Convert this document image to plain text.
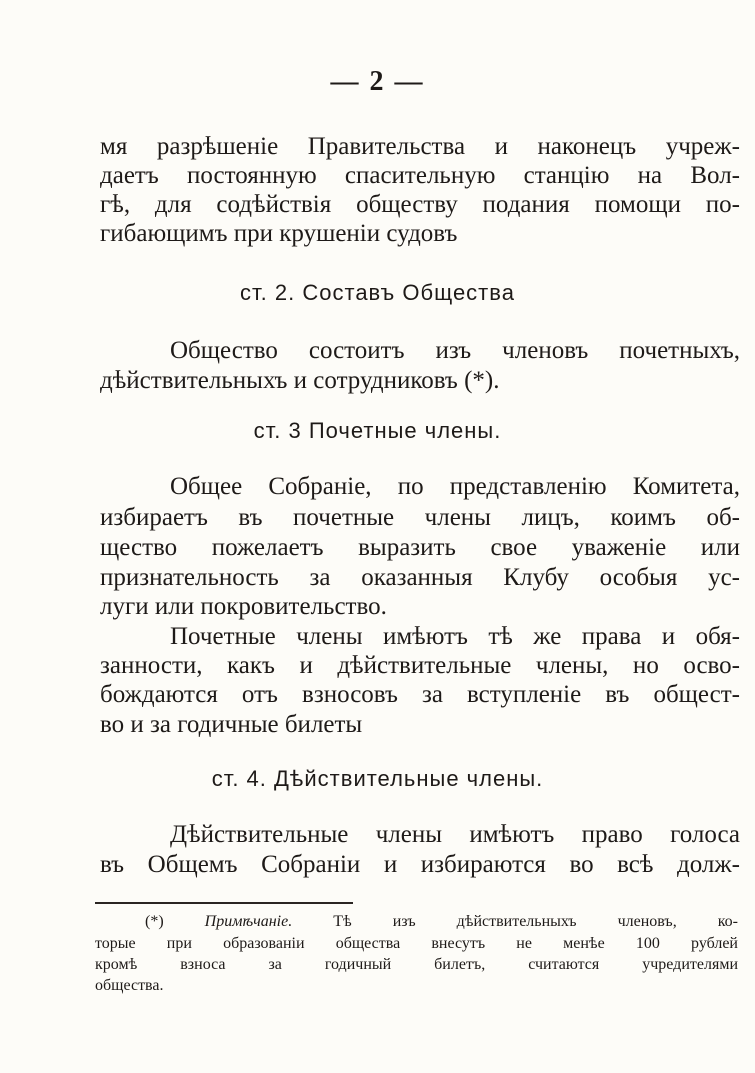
— 2 —
мя разрѣшеніе Правительства и наконецъ учреж-
даетъ постоянную спасительную станцію на Вол-
гѣ, для содѣйствія обществу подания помощи по-
гибающимъ при крушеніи судовъ
ст. 2. Составъ Общества
Общество состоитъ изъ членовъ почетныхъ,
дѣйствительныхъ и сотрудниковъ (*).
ст. 3 Почетные члены.
Общее Собраніе, по представленію Комитета,
избираетъ въ почетные члены лицъ, коимъ об-
щество пожелаетъ выразить свое уваженіе или
признательность за оказанныя Клубу особыя ус-
луги или покровительство.
Почетные члены имѣютъ тѣ же права и обя-
занности, какъ и дѣйствительные члены, но осво-
бождаются отъ взносовъ за вступленіе въ общест-
во и за годичные билеты
ст. 4. Дѣйствительные члены.
Дѣйствительные члены имѣютъ право голоса
въ Общемъ Собраніи и избираются во всѣ долж-
(*)	Примѣчаніе.	Тѣ изъ дѣйствительныхъ членовъ, ко-
торые при образованіи общества внесутъ не менѣе 100 рублей
кромѣ взноса за годичный билетъ, считаются учредителями
общества.
